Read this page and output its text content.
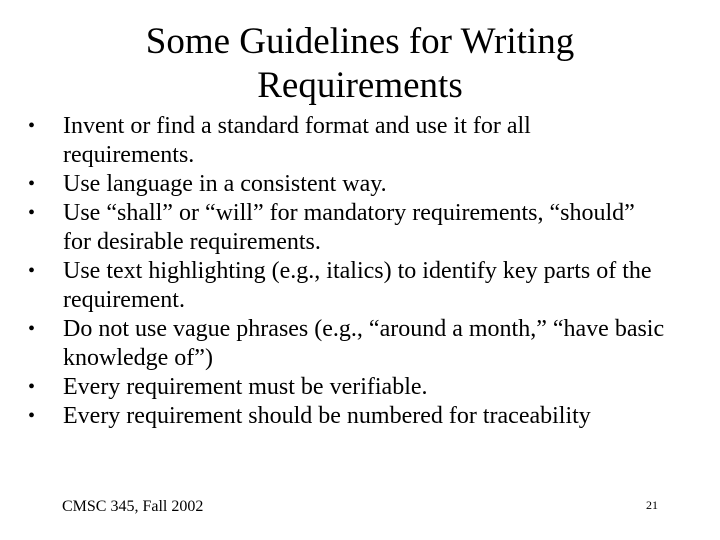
Some Guidelines for Writing
Requirements
•	Invent or find a standard format and use it for all requirements.
•	Use language in a consistent way.
•	Use “shall” or “will” for mandatory requirements, “should” for desirable requirements.
•	Use text highlighting (e.g., italics) to identify key parts of the requirement.
•	Do not use vague phrases (e.g., “around a month,” “have basic knowledge of”)
•	Every requirement must be verifiable.
•	Every requirement should be numbered for traceability
CMSC 345, Fall 2002	21
